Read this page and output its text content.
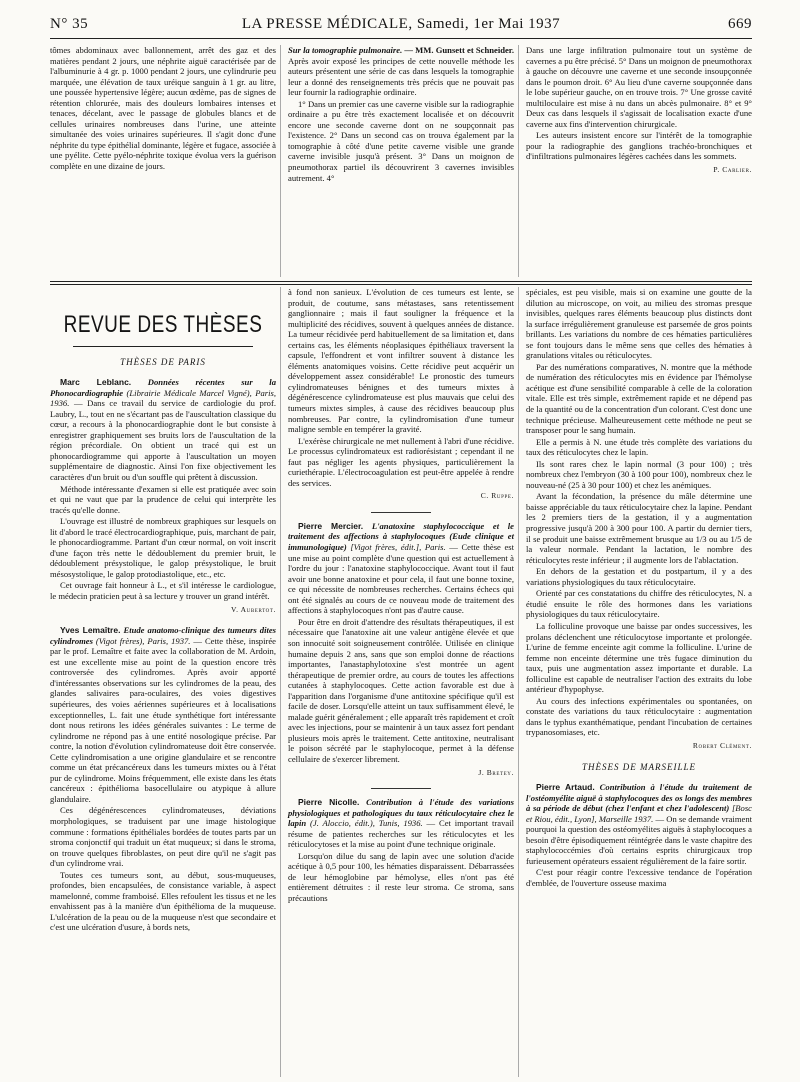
N° 35	LA PRESSE MÉDICALE, Samedi, 1er Mai 1937	669

tômes abdominaux avec ballonnement, arrêt des gaz et des matières pendant 2 jours, une néphrite aiguë caractérisée par de l'albuminurie à 4 gr. p. 1000 pendant 2 jours, une cylindrurie peu marquée, une élévation de taux uréique sanguin à 1 gr. au litre, une poussée hypertensive légère; aucun œdème, pas de signes de rétention chlorurée, mais des douleurs lombaires intenses et tenaces, décelant, avec le passage de globules blancs et de cellules urinaires nombreuses dans l'urine, une atteinte simultanée des voies urinaires supérieures. Il s'agit donc d'une néphrite du type épithélial dominante, légère et fugace, associée à une pyélite. Cette pyélo-néphrite toxique évolua vers la guérison complète en une dizaine de jours.

Sur la tomographie pulmonaire. — MM. Gunsett et Schneider. Après avoir exposé les principes de cette nouvelle méthode les auteurs présentent une série de cas dans lesquels la tomographie leur a donné des renseignements très précis que ne pouvait pas leur fournir la radiographie ordinaire.

1° Dans un premier cas une caverne visible sur la radiographie ordinaire a pu être très exactement localisée et on découvrit encore une seconde caverne dont on ne soupçonnait pas l'existence. 2° Dans un second cas on trouva également par la tomographie à côté d'une petite caverne visible une grande caverne invisible jusqu'à présent. 3° Dans un moignon de pneumothorax partiel ils découvrirent 3 cavernes invisibles autrement. 4°

Dans une large infiltration pulmonaire tout un système de cavernes a pu être précisé. 5° Dans un moignon de pneumothorax à gauche on découvre une caverne et une seconde insoupçonnée dans le poumon droit. 6° Au lieu d'une caverne soupçonnée dans le lobe supérieur gauche, on en trouve trois. 7° Une grosse cavité multiloculaire est mise à nu dans un abcès pulmonaire. 8° et 9° Deux cas dans lesquels il s'agissait de localisation exacte d'une caverne aux fins d'intervention chirurgicale.

Les auteurs insistent encore sur l'intérêt de la tomographie pour la radiographie des ganglions trachéo-bronchiques et d'infiltrations pulmonaires légères cachées dans les sommets.

P. Carlier.
REVUE DES THÈSES
THÈSES DE PARIS

Marc Leblanc. Données récentes sur la Phonocardiographie (Librairie Médicale Marcel Vigné), Paris, 1936. — Dans ce travail du service de cardiologie du prof. Laubry, L., tout en ne s'écartant pas de l'auscultation classique du cœur, a recours à la phonocardiographie dont le but consiste à enregistrer graphiquement ses bruits lors de l'auscultation de la région précordiale. On obtient un tracé qui est un phonocardiogramme qui apporte à l'auscultation un moyen supplémentaire de diagnostic. Ainsi l'on fixe objectivement les caractères d'un bruit ou d'un souffle qui prêtent à discussion.

Méthode intéressante d'examen si elle est pratiquée avec soin et qui ne vaut que par la prudence de celui qui interprète les tracés qu'elle donne.

L'ouvrage est illustré de nombreux graphiques sur lesquels on lit d'abord le tracé électrocardiographique, puis, marchant de pair, le phonocardiogramme. Partant d'un cœur normal, on voit inscrit d'une façon très nette le dédoublement du premier bruit, le dédoublement présystolique, le galop présystolique, le bruit mésosystolique, le galop protodiastolique, etc., etc.

Cet ouvrage fait honneur à L., et s'il intéresse le cardiologue, le médecin praticien peut à sa lecture y trouver un grand intérêt.

V. Aubertot.

Yves Lemaître. Etude anatomo-clinique des tumeurs dites cylindromes (Vigot frères), Paris, 1937. — Cette thèse, inspirée par le prof. Lemaître et faite avec la collaboration de M. Ardoin, est une excellente mise au point de la question encore très controversée des cylindromes. Après avoir apporté d'intéressantes observations sur les cylindromes de la peau, des glandes salivaires para-oculaires, des voies digestives supérieures, des voies aériennes supérieures et à localisations exceptionnelles, L. fait une étude synthétique fort intéressante dont nous retirons les idées générales suivantes : Le terme de cylindrome ne répond pas à une entité nosologique précise. Par contre, la notion d'évolution cylindromateuse doit être conservée. Cette cylindromisation a une origine glandulaire et se rencontre comme un état précancéreux dans les tumeurs mixtes ou à l'état pur de cylindrome. Moins fréquemment, elle existe dans les états cancéreux : épithélioma basocellulaire ou atypique à allure glandulaire.

Ces dégénérescences cylindromateuses, déviations morphologiques, se traduisent par une image histologique commune : formations épithéliales bordées de toutes parts par un stroma conjonctif qui traduit un état muqueux; si dans le stroma, on trouve quelques fibroblastes, on peut dire qu'il ne s'agit pas d'un cylindrome vrai.

Toutes ces tumeurs sont, au début, sous-muqueuses, profondes, bien encapsulées, de consistance variable, à aspect mamelonné, comme framboisé. Elles refoulent les tissus et ne les envahissent pas à la manière d'un épithélioma de la muqueuse. L'ulcération de la peau ou de la muqueuse n'est que secondaire et c'est une ulcération d'usure, à bords nets,

à fond non sanieux. L'évolution de ces tumeurs est lente, se produit, de coutume, sans métastases, sans retentissement ganglionnaire ; mais il faut souligner la fréquence et la multiplicité des récidives, souvent à quelques années de distance. La tumeur récidivée perd habituellement de sa limitation et, dans certains cas, les éléments néoplasiques épithéliaux traversent la capsule, l'effondrent et vont infiltrer souvent à distance les éléments anatomiques voisins. Cette récidive peut acquérir un développement assez considérable! Le pronostic des tumeurs cylindromateuses bénignes et des tumeurs mixtes à dégénérescence cylindromateuse est plus mauvais que celui des tumeurs mixtes simples, à cause des récidives beaucoup plus nombreuses. Par contre, la cylindromisation d'une tumeur maligne semble en tempérer la gravité.

L'exérèse chirurgicale ne met nullement à l'abri d'une récidive. Le processus cylindromateux est radiorésistant ; cependant il ne faut pas négliger les agents physiques, particulièrement la curiethérapie. L'électrocoagulation est peut-être appelée à rendre des services.

C. Ruppe.

Pierre Mercier. L'anatoxine staphylococcique et le traitement des affections à staphylocoques (Eude clinique et immunologique) [Vigot frères, édit.], Paris. — Cette thèse est une mise au point complète d'une question qui est actuellement à l'ordre du jour : l'anatoxine staphylococcique. Avant tout il faut avoir une bonne anatoxine et pour cela, il faut une bonne toxine, ce qui nécessite de nombreuses recherches. Certains échecs qui ont été signalés au cours de ce nouveau mode de traitement des affections à staphylocoques n'ont pas d'autre cause.

Pour être en droit d'attendre des résultats thérapeutiques, il est nécessaire que l'anatoxine ait une valeur antigène élevée et que son innocuité soit soigneusement contrôlée. Utilisée en clinique humaine depuis 2 ans, sans que son emploi donne de réactions importantes, l'anastaphylotoxine s'est montrée un agent thérapeutique de premier ordre, au cours de toutes les affections cutanées à staphylocoques. Cette action favorable est due à l'apparition dans l'organisme d'une antitoxine spécifique qu'il est facile de doser. Lorsqu'elle atteint un taux suffisamment élevé, le malade guérit généralement ; elle apparaît très rapidement et croît avec les injections, pour se maintenir à un taux assez fort pendant plusieurs mois après le traitement. Cette antitoxine, neutralisant le poison sécrété par le staphylocoque, permet à la défense cellulaire de s'exercer librement.

J. Bretey.

Pierre Nicolle. Contribution à l'étude des variations physiologiques et pathologiques du taux réticulocytaire chez le lapin (J. Aloccio, édit.), Tunis, 1936. — Cet important travail résume de patientes recherches sur les réticulocytes et les réticulocytoses et la mise au point d'une technique originale.

Lorsqu'on dilue du sang de lapin avec une solution d'acide acétique à 0,5 pour 100, les hématies disparaissent. Débarrassées de leur hémoglobine par hémolyse, elles n'ont pas été entièrement détruites : il reste leur stroma. Ce stroma, sans précautions

spéciales, est peu visible, mais si on examine une goutte de la dilution au microscope, on voit, au milieu des stromas presque invisibles, quelques rares éléments beaucoup plus distincts dont la surface irrégulièrement granuleuse est parsemée de gros points brillants. Les variations du nombre de ces hématies particulières se font toujours dans le même sens que celles des hématies à granulations vitales ou réticulocytes.

Par des numérations comparatives, N. montre que la méthode de numération des réticulocytes mis en évidence par l'hémolyse acétique est d'une sensibilité comparable à celle de la coloration vitale. Elle est très simple, extrêmement rapide et ne dépend pas de la quantité ou de la concentration d'un colorant. C'est donc une technique précieuse. Malheureusement cette méthode ne peut se transposer pour le sang humain.

Elle a permis à N. une étude très complète des variations du taux des réticulocytes chez le lapin.

Ils sont rares chez le lapin normal (3 pour 100) ; très nombreux chez l'embryon (30 à 100 pour 100), nombreux chez le nouveau-né (25 à 30 pour 100) et chez les anémiques.

Avant la fécondation, la présence du mâle détermine une baisse appréciable du taux réticulocytaire chez la lapine. Pendant les 2 premiers tiers de la gestation, il y a augmentation progressive jusqu'à 200 à 300 pour 100. A partir du dernier tiers, il se produit une baisse extrêmement brusque au 1/3 ou au 1/5 de la valeur normale. Pendant la lactation, le nombre des réticulocytes reste inférieur ; il augmente lors de l'ablactation.

En dehors de la gestation et du postpartum, il y a des variations physiologiques du taux réticulocytaire.

Orienté par ces constatations du chiffre des réticulocytes, N. a étudié ensuite le rôle des hormones dans les variations physiologiques du taux réticulocytaire.

La folliculine provoque une baisse par ondes successives, les prolans déclenchent une réticulocytose importante et prolongée. L'urine de femme enceinte agit comme la folliculine. L'urine de femme non enceinte détermine une très fugace diminution du taux, puis une augmentation assez importante et durable. La folliculine est capable de neutraliser l'action des extraits du lobe antérieur d'hypophyse.

Au cours des infections expérimentales ou spontanées, on constate des variations du taux réticulocytaire : augmentation dans le typhus exanthématique, pendant l'incubation de certaines trypanosomiases, etc.

Robert Clément.
THÈSES DE MARSEILLE

Pierre Artaud. Contribution à l'étude du traitement de l'ostéomyélite aiguë à staphylocoques des os longs des membres à sa période de début (chez l'enfant et chez l'adolescent) [Bosc et Riou, édit., Lyon], Marseille 1937. — On se demande vraiment pourquoi la question des ostéomyélites aiguës à staphylocoques a besoin d'être épisodiquement réintégrée dans le vaste chapitre des staphylococcémies d'où certains esprits chirurgicaux trop furieusement opérateurs essaient régulièrement de la faire sortir.

C'est pour réagir contre l'excessive tendance de l'opération d'emblée, de l'ouverture osseuse maxima
